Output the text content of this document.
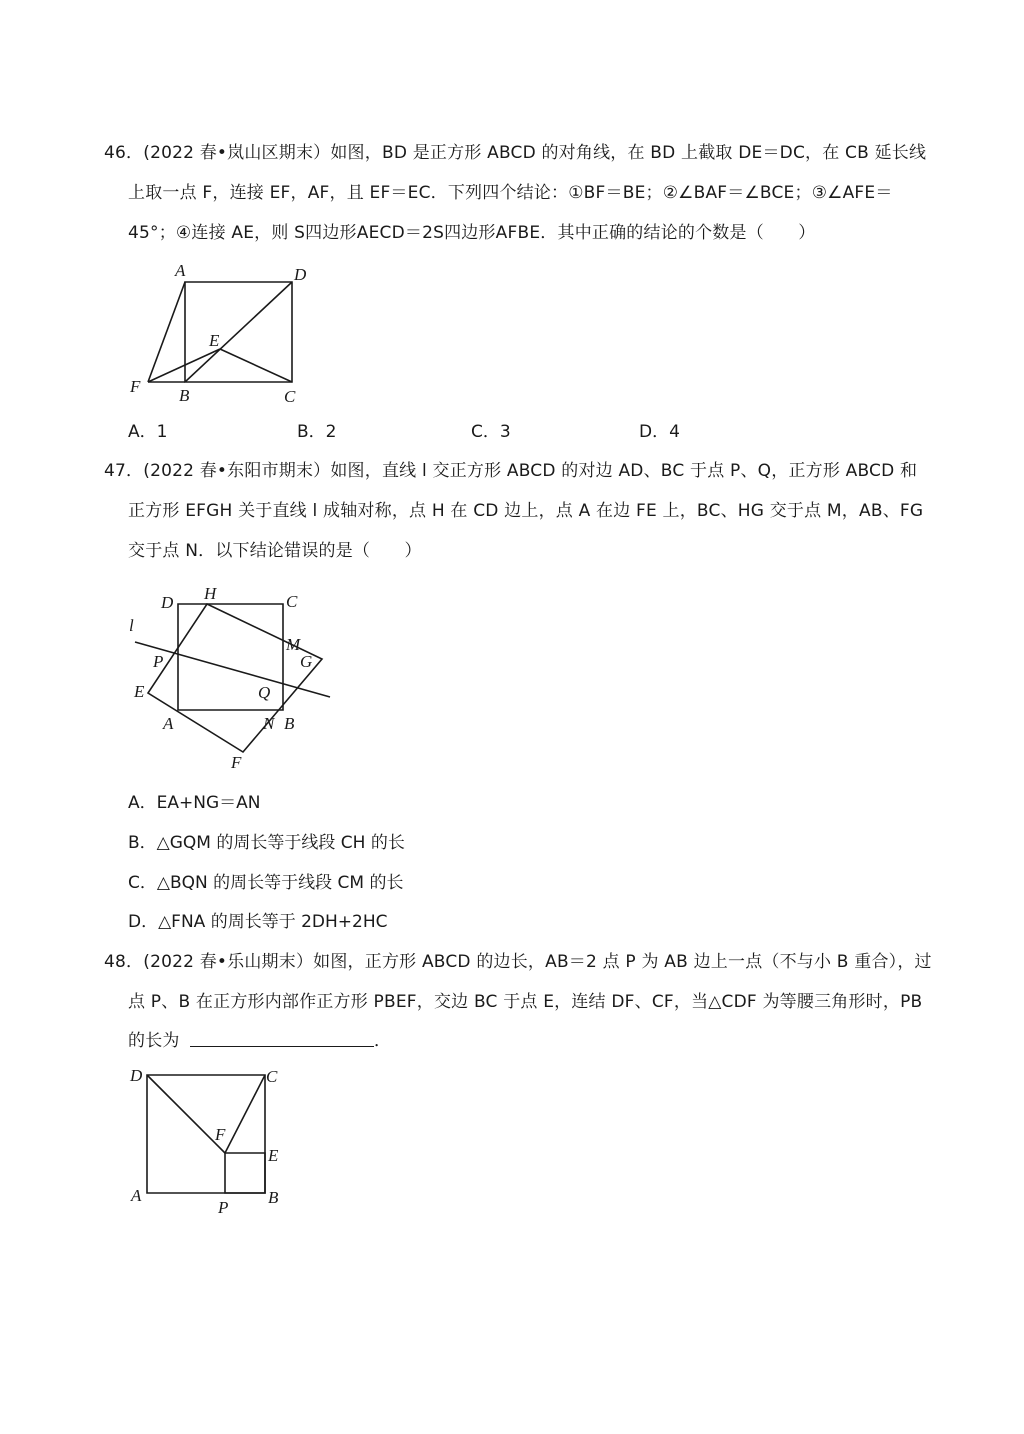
46．(2022 春•岚山区期末）如图，BD 是正方形 ABCD 的对角线，在 BD 上截取 DE＝DC，在 CB 延长线
上取一点 F，连接 EF，AF，且 EF＝EC．下列四个结论：①BF＝BE；②∠BAF＝∠BCE；③∠AFE＝
45°；④连接 AE，则 S四边形AECD＝2S四边形AFBE．其中正确的结论的个数是（　　）
A	D
E
F B	C
D H	C
l
M
G
P
Q
E
A	N B
F
D	C
F
E
A
P
B
A．1	B．2	C．3	D．4
47．(2022 春•东阳市期末）如图，直线 l 交正方形 ABCD 的对边 AD、BC 于点 P、Q，正方形 ABCD 和
正方形 EFGH 关于直线 l 成轴对称，点 H 在 CD 边上，点 A 在边 FE 上，BC、HG 交于点 M，AB、FG
交于点 N．以下结论错误的是（　　）
A．EA+NG＝AN
B．△GQM 的周长等于线段 CH 的长
C．△BQN 的周长等于线段 CM 的长
D．△FNA 的周长等于 2DH+2HC
48．(2022 春•乐山期末）如图，正方形 ABCD 的边长，AB＝2 点 P 为 AB 边上一点（不与小 B 重合），过
点 P、B 在正方形内部作正方形 PBEF，交边 BC 于点 E，连结 DF、CF，当△CDF 为等腰三角形时，PB
的长为	．
